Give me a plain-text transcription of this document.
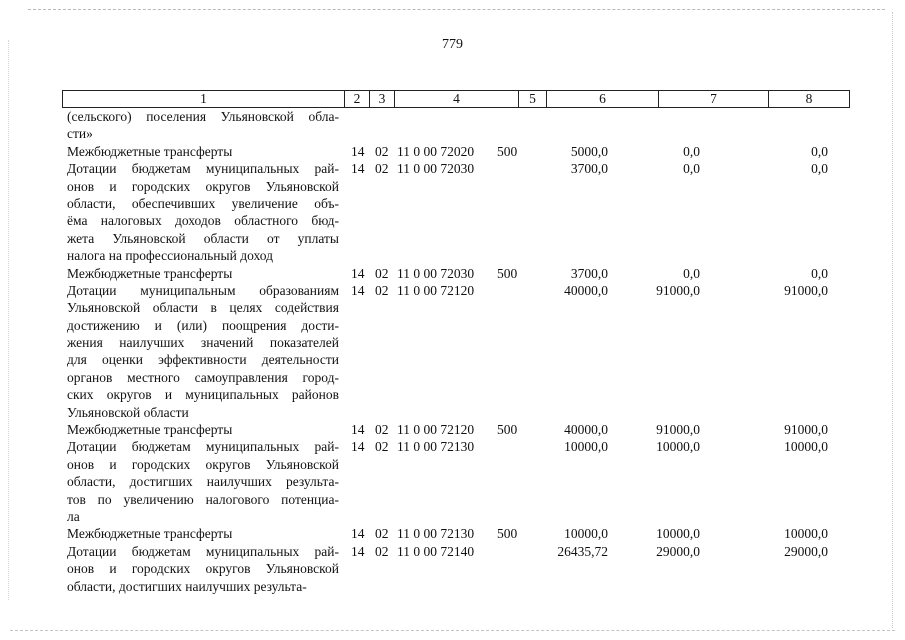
779
1	2	3	4	5	6	7	8
(сельского) поселения Ульяновской обла-
сти»
Межбюджетные трансферты	14 02 11 0 00 72020 500	5000,0	0,0	0,0
Дотации бюджетам муниципальных рай- 14 02 11 0 00 72030	3700,0	0,0	0,0
онов и городских округов Ульяновской
области, обеспечивших увеличение объ-
ёма налоговых доходов областного бюд-
жета Ульяновской области от уплаты
налога на профессиональный доход
Межбюджетные трансферты	14 02 11 0 00 72030 500	3700,0	0,0	0,0
Дотации муниципальным образованиям 14 02 11 0 00 72120	40000,0	91000,0	91000,0
Ульяновской области в целях содействия
достижению и (или) поощрения дости-
жения наилучших значений показателей
для оценки эффективности деятельности
органов местного самоуправления город-
ских округов и муниципальных районов
Ульяновской области
Межбюджетные трансферты	14 02 11 0 00 72120 500	40000,0	91000,0	91000,0
Дотации бюджетам муниципальных рай- 14 02 11 0 00 72130	10000,0	10000,0	10000,0
онов и городских округов Ульяновской
области, достигших наилучших результа-
тов по увеличению налогового потенциа-
ла
Межбюджетные трансферты	14 02 11 0 00 72130 500	10000,0	10000,0	10000,0
Дотации бюджетам муниципальных рай- 14 02 11 0 00 72140	26435,72	29000,0	29000,0
онов и городских округов Ульяновской
области, достигших наилучших результа-
